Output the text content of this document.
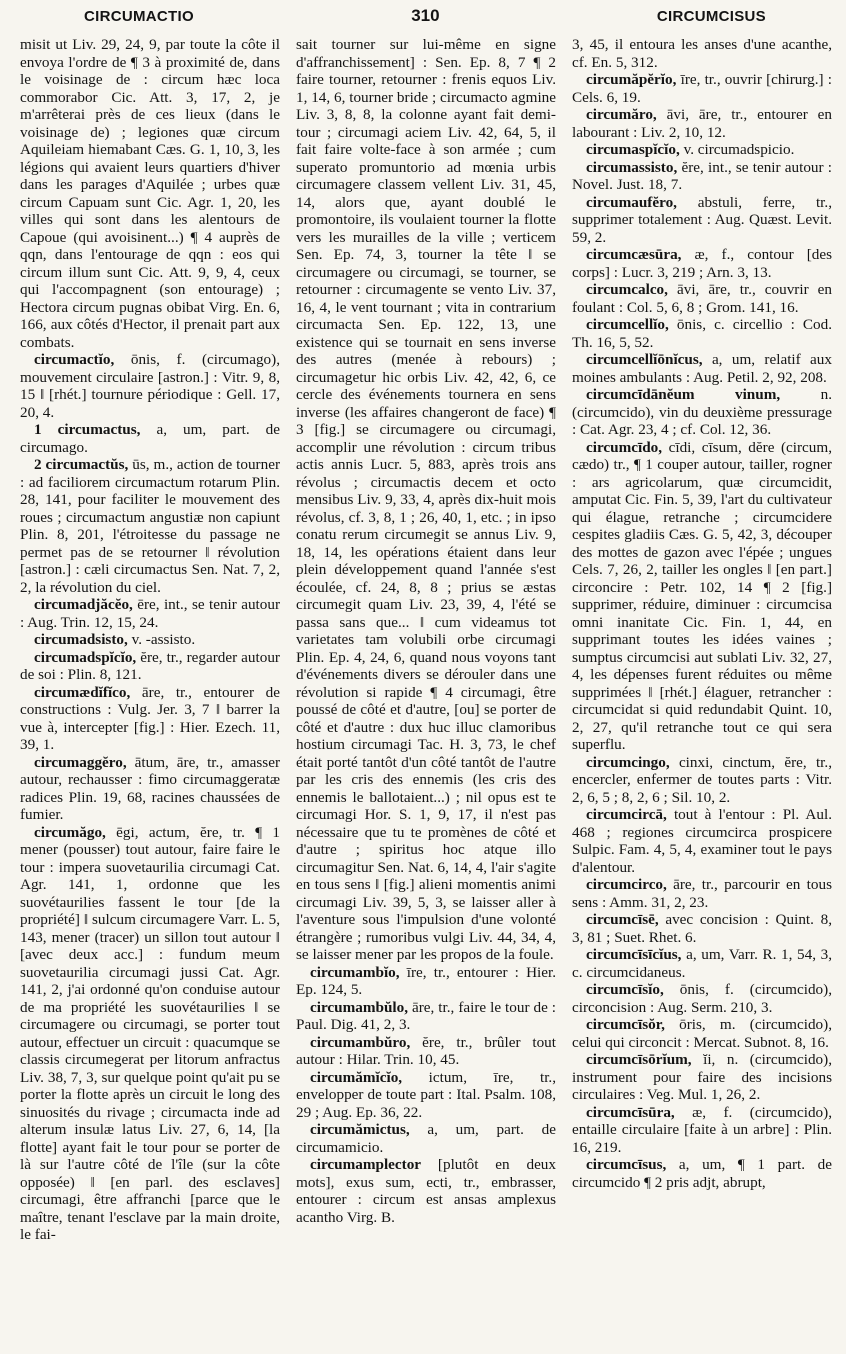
CIRCUMACTIO	310	CIRCUMCISUS

misit ut Liv. 29, 24, 9, par toute la côte il envoya l'ordre de ¶ 3 à proximité de, dans le voisinage de : circum hæc loca commorabor Cic. Att. 3, 17, 2, je m'arrêterai près de ces lieux (dans le voisinage de) ; legiones quæ circum Aquileiam hiemabant Cæs. G. 1, 10, 3, les légions qui avaient leurs quartiers d'hiver dans les parages d'Aquilée ; urbes quæ circum Capuam sunt Cic. Agr. 1, 20, les villes qui sont dans les alentours de Capoue (qui avoisinent...) ¶ 4 auprès de qqn, dans l'entourage de qqn : eos qui circum illum sunt Cic. Att. 9, 9, 4, ceux qui l'accompagnent (son entourage) ; Hectora circum pugnas obibat Virg. En. 6, 166, aux côtés d'Hector, il prenait part aux combats.

circumactĭo, ōnis, f. (circumago), mouvement circulaire [astron.] : Vitr. 9, 8, 15 ‖ [rhét.] tournure périodique : Gell. 17, 20, 4.

1 circumactus, a, um, part. de circumago.

2 circumactŭs, ūs, m., action de tourner : ad faciliorem circumactum rotarum Plin. 28, 141, pour faciliter le mouvement des roues ; circumactum angustiæ non capiunt Plin. 8, 201, l'étroitesse du passage ne permet pas de se retourner ‖ révolution [astron.] : cæli circumactus Sen. Nat. 7, 2, 2, la révolution du ciel.

circumadjăcĕo, ēre, int., se tenir autour : Aug. Trin. 12, 15, 24.

circumadsisto, v. -assisto.

circumadspĭcĭo, ĕre, tr., regarder autour de soi : Plin. 8, 121.

circumædĭfĭco, āre, tr., entourer de constructions : Vulg. Jer. 3, 7 ‖ barrer la vue à, intercepter [fig.] : Hier. Ezech. 11, 39, 1.

circumaggĕro, ātum, āre, tr., amasser autour, rechausser : fimo circumaggeratæ radices Plin. 19, 68, racines chaussées de fumier.

circumăgo, ēgi, actum, ĕre, tr. ¶ 1 mener (pousser) tout autour, faire faire le tour : impera suovetaurilia circumagi Cat. Agr. 141, 1, ordonne que les suovétaurilies fassent le tour [de la propriété] ‖ sulcum circumagere Varr. L. 5, 143, mener (tracer) un sillon tout autour ‖ [avec deux acc.] : fundum meum suovetaurilia circumagi jussi Cat. Agr. 141, 2, j'ai ordonné qu'on conduise autour de ma propriété les suovétaurilies ‖ se circumagere ou circumagi, se porter tout autour, effectuer un circuit : quacumque se classis circumegerat per litorum anfractus Liv. 38, 7, 3, sur quelque point qu'ait pu se porter la flotte après un circuit le long des sinuosités du rivage ; circumacta inde ad alterum insulæ latus Liv. 27, 6, 14, [la flotte] ayant fait le tour pour se porter de là sur l'autre côté de l'île (sur la côte opposée) ‖ [en parl. des esclaves] circumagi, être affranchi [parce que le maître, tenant l'esclave par la main droite, le fai-

sait tourner sur lui-même en signe d'affranchissement] : Sen. Ep. 8, 7 ¶ 2 faire tourner, retourner : frenis equos Liv. 1, 14, 6, tourner bride ; circumacto agmine Liv. 3, 8, 8, la colonne ayant fait demi-tour ; circumagi aciem Liv. 42, 64, 5, il fait faire volte-face à son armée ; cum superato promuntorio ad mœnia urbis circumagere classem vellent Liv. 31, 45, 14, alors que, ayant doublé le promontoire, ils voulaient tourner la flotte vers les murailles de la ville ; verticem Sen. Ep. 74, 3, tourner la tête ‖ se circumagere ou circumagi, se tourner, se retourner : circumagente se vento Liv. 37, 16, 4, le vent tournant ; vita in contrarium circumacta Sen. Ep. 122, 13, une existence qui se tournait en sens inverse des autres (menée à rebours) ; circumagetur hic orbis Liv. 42, 42, 6, ce cercle des événements tournera en sens inverse (les affaires changeront de face) ¶ 3 [fig.] se circumagere ou circumagi, accomplir une révolution : circum tribus actis annis Lucr. 5, 883, après trois ans révolus ; circumactis decem et octo mensibus Liv. 9, 33, 4, après dix-huit mois révolus, cf. 3, 8, 1 ; 26, 40, 1, etc. ; in ipso conatu rerum circumegit se annus Liv. 9, 18, 14, les opérations étaient dans leur plein développement quand l'année s'est écoulée, cf. 24, 8, 8 ; prius se æstas circumegit quam Liv. 23, 39, 4, l'été se passa sans que... ‖ cum videamus tot varietates tam volubili orbe circumagi Plin. Ep. 4, 24, 6, quand nous voyons tant d'événements divers se dérouler dans une révolution si rapide ¶ 4 circumagi, être poussé de côté et d'autre, [ou] se porter de côté et d'autre : dux huc illuc clamoribus hostium circumagi Tac. H. 3, 73, le chef était porté tantôt d'un côté tantôt de l'autre par les cris des ennemis (les cris des ennemis le ballotaient...) ; nil opus est te circumagi Hor. S. 1, 9, 17, il n'est pas nécessaire que tu te promènes de côté et d'autre ; spiritus hoc atque illo circumagitur Sen. Nat. 6, 14, 4, l'air s'agite en tous sens ‖ [fig.] alieni momentis animi circumagi Liv. 39, 5, 3, se laisser aller à l'aventure sous l'impulsion d'une volonté étrangère ; rumoribus vulgi Liv. 44, 34, 4, se laisser mener par les propos de la foule.

circumambĭo, īre, tr., entourer : Hier. Ep. 124, 5.

circumambŭlo, āre, tr., faire le tour de : Paul. Dig. 41, 2, 3.

circumambŭro, ĕre, tr., brûler tout autour : Hilar. Trin. 10, 45.

circumămĭcĭo, ictum, īre, tr., envelopper de toute part : Ital. Psalm. 108, 29 ; Aug. Ep. 36, 22.

circumămictus, a, um, part. de circumamicio.

circumamplector [plutôt en deux mots], exus sum, ecti, tr., embrasser, entourer : circum est ansas amplexus acantho Virg. B.

3, 45, il entoura les anses d'une acanthe, cf. En. 5, 312.

circumăpĕrĭo, īre, tr., ouvrir [chirurg.] : Cels. 6, 19.

circumăro, āvi, āre, tr., entourer en labourant : Liv. 2, 10, 12.

circumaspĭcĭo, v. circumadspicio.

circumassisto, ĕre, int., se tenir autour : Novel. Just. 18, 7.

circumaufĕro, abstuli, ferre, tr., supprimer totalement : Aug. Quæst. Levit. 59, 2.

circumcæsūra, æ, f., contour [des corps] : Lucr. 3, 219 ; Arn. 3, 13.

circumcalco, āvi, āre, tr., couvrir en foulant : Col. 5, 6, 8 ; Grom. 141, 16.

circumcellĭo, ōnis, c. circellio : Cod. Th. 16, 5, 52.

circumcellĭōnĭcus, a, um, relatif aux moines ambulants : Aug. Petil. 2, 92, 208.

circumcīdānĕum vinum,	n. (circumcido), vin du deuxième pressurage : Cat. Agr. 23, 4 ; cf. Col. 12, 36.

circumcīdo, cīdi, cīsum, dĕre (circum, cædo) tr., ¶ 1 couper autour, tailler, rogner : ars agricolarum, quæ circumcidit, amputat Cic. Fin. 5, 39, l'art du cultivateur qui élague, retranche ; circumcidere cespites gladiis Cæs. G. 5, 42, 3, découper des mottes de gazon avec l'épée ; ungues Cels. 7, 26, 2, tailler les ongles ‖ [en part.] circoncire : Petr. 102, 14 ¶ 2 [fig.] supprimer, réduire, diminuer : circumcisa omni inanitate Cic. Fin. 1, 44, en supprimant toutes les idées vaines ; sumptus circumcisi aut sublati Liv. 32, 27, 4, les dépenses furent réduites ou même supprimées ‖ [rhét.] élaguer, retrancher : circumcidat si quid redundabit Quint. 10, 2, 27, qu'il retranche tout ce qui sera superflu.

circumcingo, cinxi, cinctum, ĕre, tr., encercler, enfermer de toutes parts : Vitr. 2, 6, 5 ; 8, 2, 6 ; Sil. 10, 2.

circumcircā, tout à l'entour : Pl. Aul. 468 ; regiones circumcirca prospicere Sulpic. Fam. 4, 5, 4, examiner tout le pays d'alentour.

circumcirco, āre, tr., parcourir en tous sens : Amm. 31, 2, 23.

circumcīsē, avec concision : Quint. 8, 3, 81 ; Suet. Rhet. 6.

circumcīsīcĭus, a, um, Varr. R. 1, 54, 3, c. circumcidaneus.

circumcīsĭo, ōnis, f. (circumcido), circoncision : Aug. Serm. 210, 3.

circumcīsŏr, ōris, m. (circumcido), celui qui circoncit : Mercat. Subnot. 8, 16.

circumcīsōrĭum, ĭi, n. (circumcido), instrument pour faire des incisions circulaires : Veg. Mul. 1, 26, 2.

circumcīsūra, æ, f. (circumcido), entaille circulaire [faite à un arbre] : Plin. 16, 219.

circumcīsus, a, um, ¶ 1 part. de circumcido ¶ 2 pris adjt, abrupt,
